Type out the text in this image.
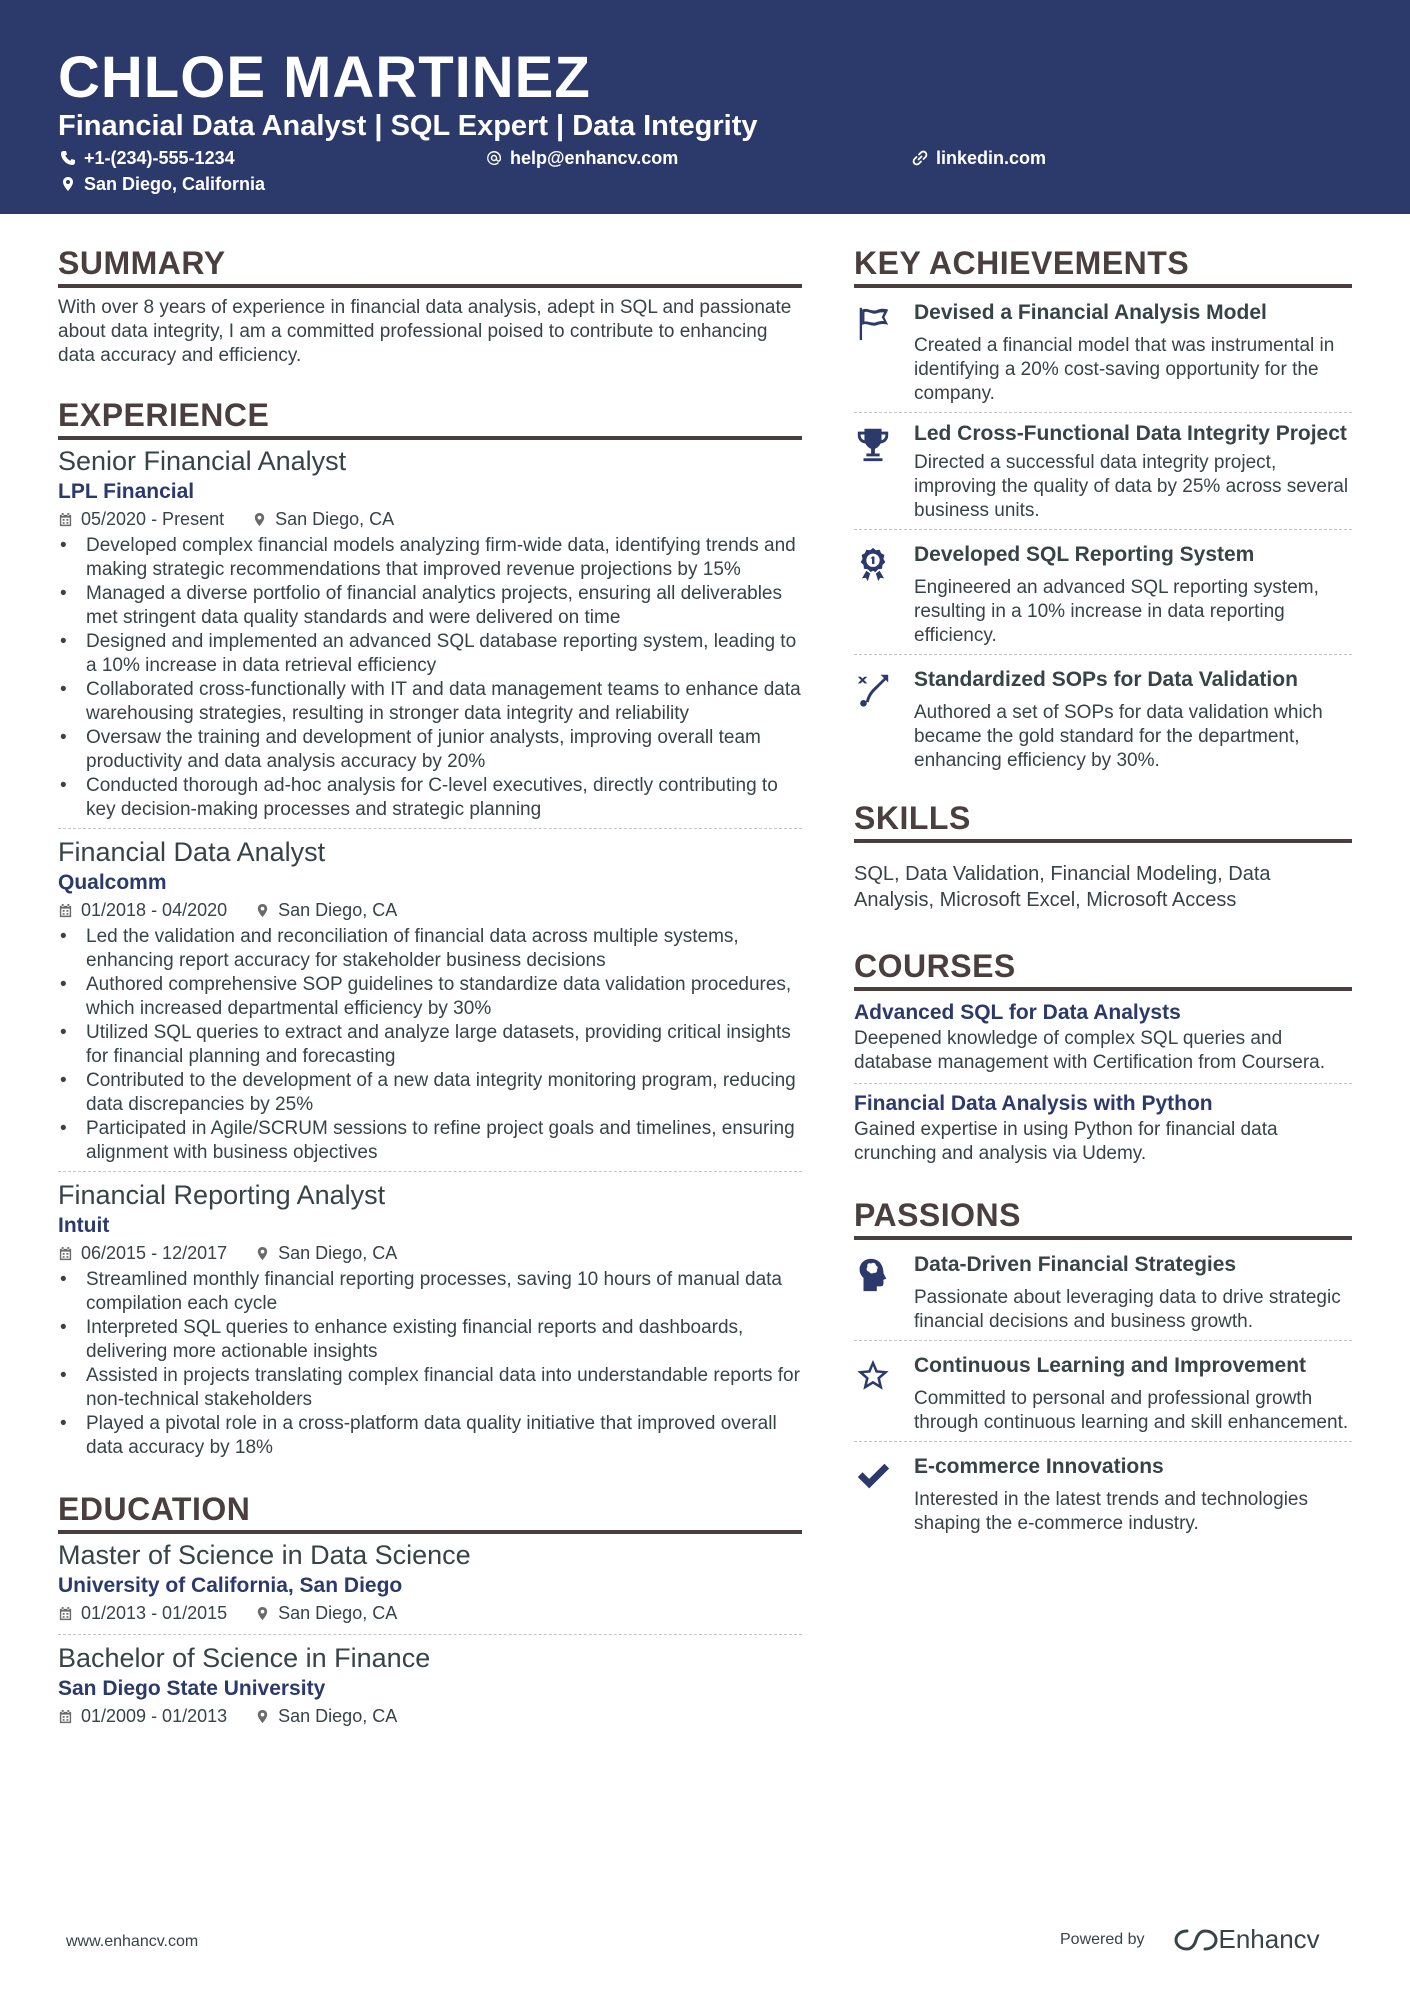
CHLOE MARTINEZ
Financial Data Analyst | SQL Expert | Data Integrity
+1-(234)-555-1234	help@enhancv.com	linkedin.com
San Diego, California
SUMMARY
With over 8 years of experience in financial data analysis, adept in SQL and passionate about data integrity, I am a committed professional poised to contribute to enhancing data accuracy and efficiency.
EXPERIENCE
Senior Financial Analyst
LPL Financial
05/2020 - Present	San Diego, CA
• Developed complex financial models analyzing firm-wide data, identifying trends and making strategic recommendations that improved revenue projections by 15%
• Managed a diverse portfolio of financial analytics projects, ensuring all deliverables met stringent data quality standards and were delivered on time
• Designed and implemented an advanced SQL database reporting system, leading to a 10% increase in data retrieval efficiency
• Collaborated cross-functionally with IT and data management teams to enhance data warehousing strategies, resulting in stronger data integrity and reliability
• Oversaw the training and development of junior analysts, improving overall team productivity and data analysis accuracy by 20%
• Conducted thorough ad-hoc analysis for C-level executives, directly contributing to key decision-making processes and strategic planning
Financial Data Analyst
Qualcomm
01/2018 - 04/2020	San Diego, CA
• Led the validation and reconciliation of financial data across multiple systems, enhancing report accuracy for stakeholder business decisions
• Authored comprehensive SOP guidelines to standardize data validation procedures, which increased departmental efficiency by 30%
• Utilized SQL queries to extract and analyze large datasets, providing critical insights for financial planning and forecasting
• Contributed to the development of a new data integrity monitoring program, reducing data discrepancies by 25%
• Participated in Agile/SCRUM sessions to refine project goals and timelines, ensuring alignment with business objectives
Financial Reporting Analyst
Intuit
06/2015 - 12/2017	San Diego, CA
• Streamlined monthly financial reporting processes, saving 10 hours of manual data compilation each cycle
• Interpreted SQL queries to enhance existing financial reports and dashboards, delivering more actionable insights
• Assisted in projects translating complex financial data into understandable reports for non-technical stakeholders
• Played a pivotal role in a cross-platform data quality initiative that improved overall data accuracy by 18%
EDUCATION
Master of Science in Data Science
University of California, San Diego
01/2013 - 01/2015	San Diego, CA
Bachelor of Science in Finance
San Diego State University
01/2009 - 01/2013	San Diego, CA
KEY ACHIEVEMENTS
Devised a Financial Analysis Model
Created a financial model that was instrumental in identifying a 20% cost-saving opportunity for the company.
Led Cross-Functional Data Integrity Project
Directed a successful data integrity project, improving the quality of data by 25% across several business units.
Developed SQL Reporting System
Engineered an advanced SQL reporting system, resulting in a 10% increase in data reporting efficiency.
Standardized SOPs for Data Validation
Authored a set of SOPs for data validation which became the gold standard for the department, enhancing efficiency by 30%.
SKILLS
SQL, Data Validation, Financial Modeling, Data Analysis, Microsoft Excel, Microsoft Access
COURSES
Advanced SQL for Data Analysts
Deepened knowledge of complex SQL queries and database management with Certification from Coursera.
Financial Data Analysis with Python
Gained expertise in using Python for financial data crunching and analysis via Udemy.
PASSIONS
Data-Driven Financial Strategies
Passionate about leveraging data to drive strategic financial decisions and business growth.
Continuous Learning and Improvement
Committed to personal and professional growth through continuous learning and skill enhancement.
E-commerce Innovations
Interested in the latest trends and technologies shaping the e-commerce industry.
www.enhancv.com	Powered by	Enhancv
